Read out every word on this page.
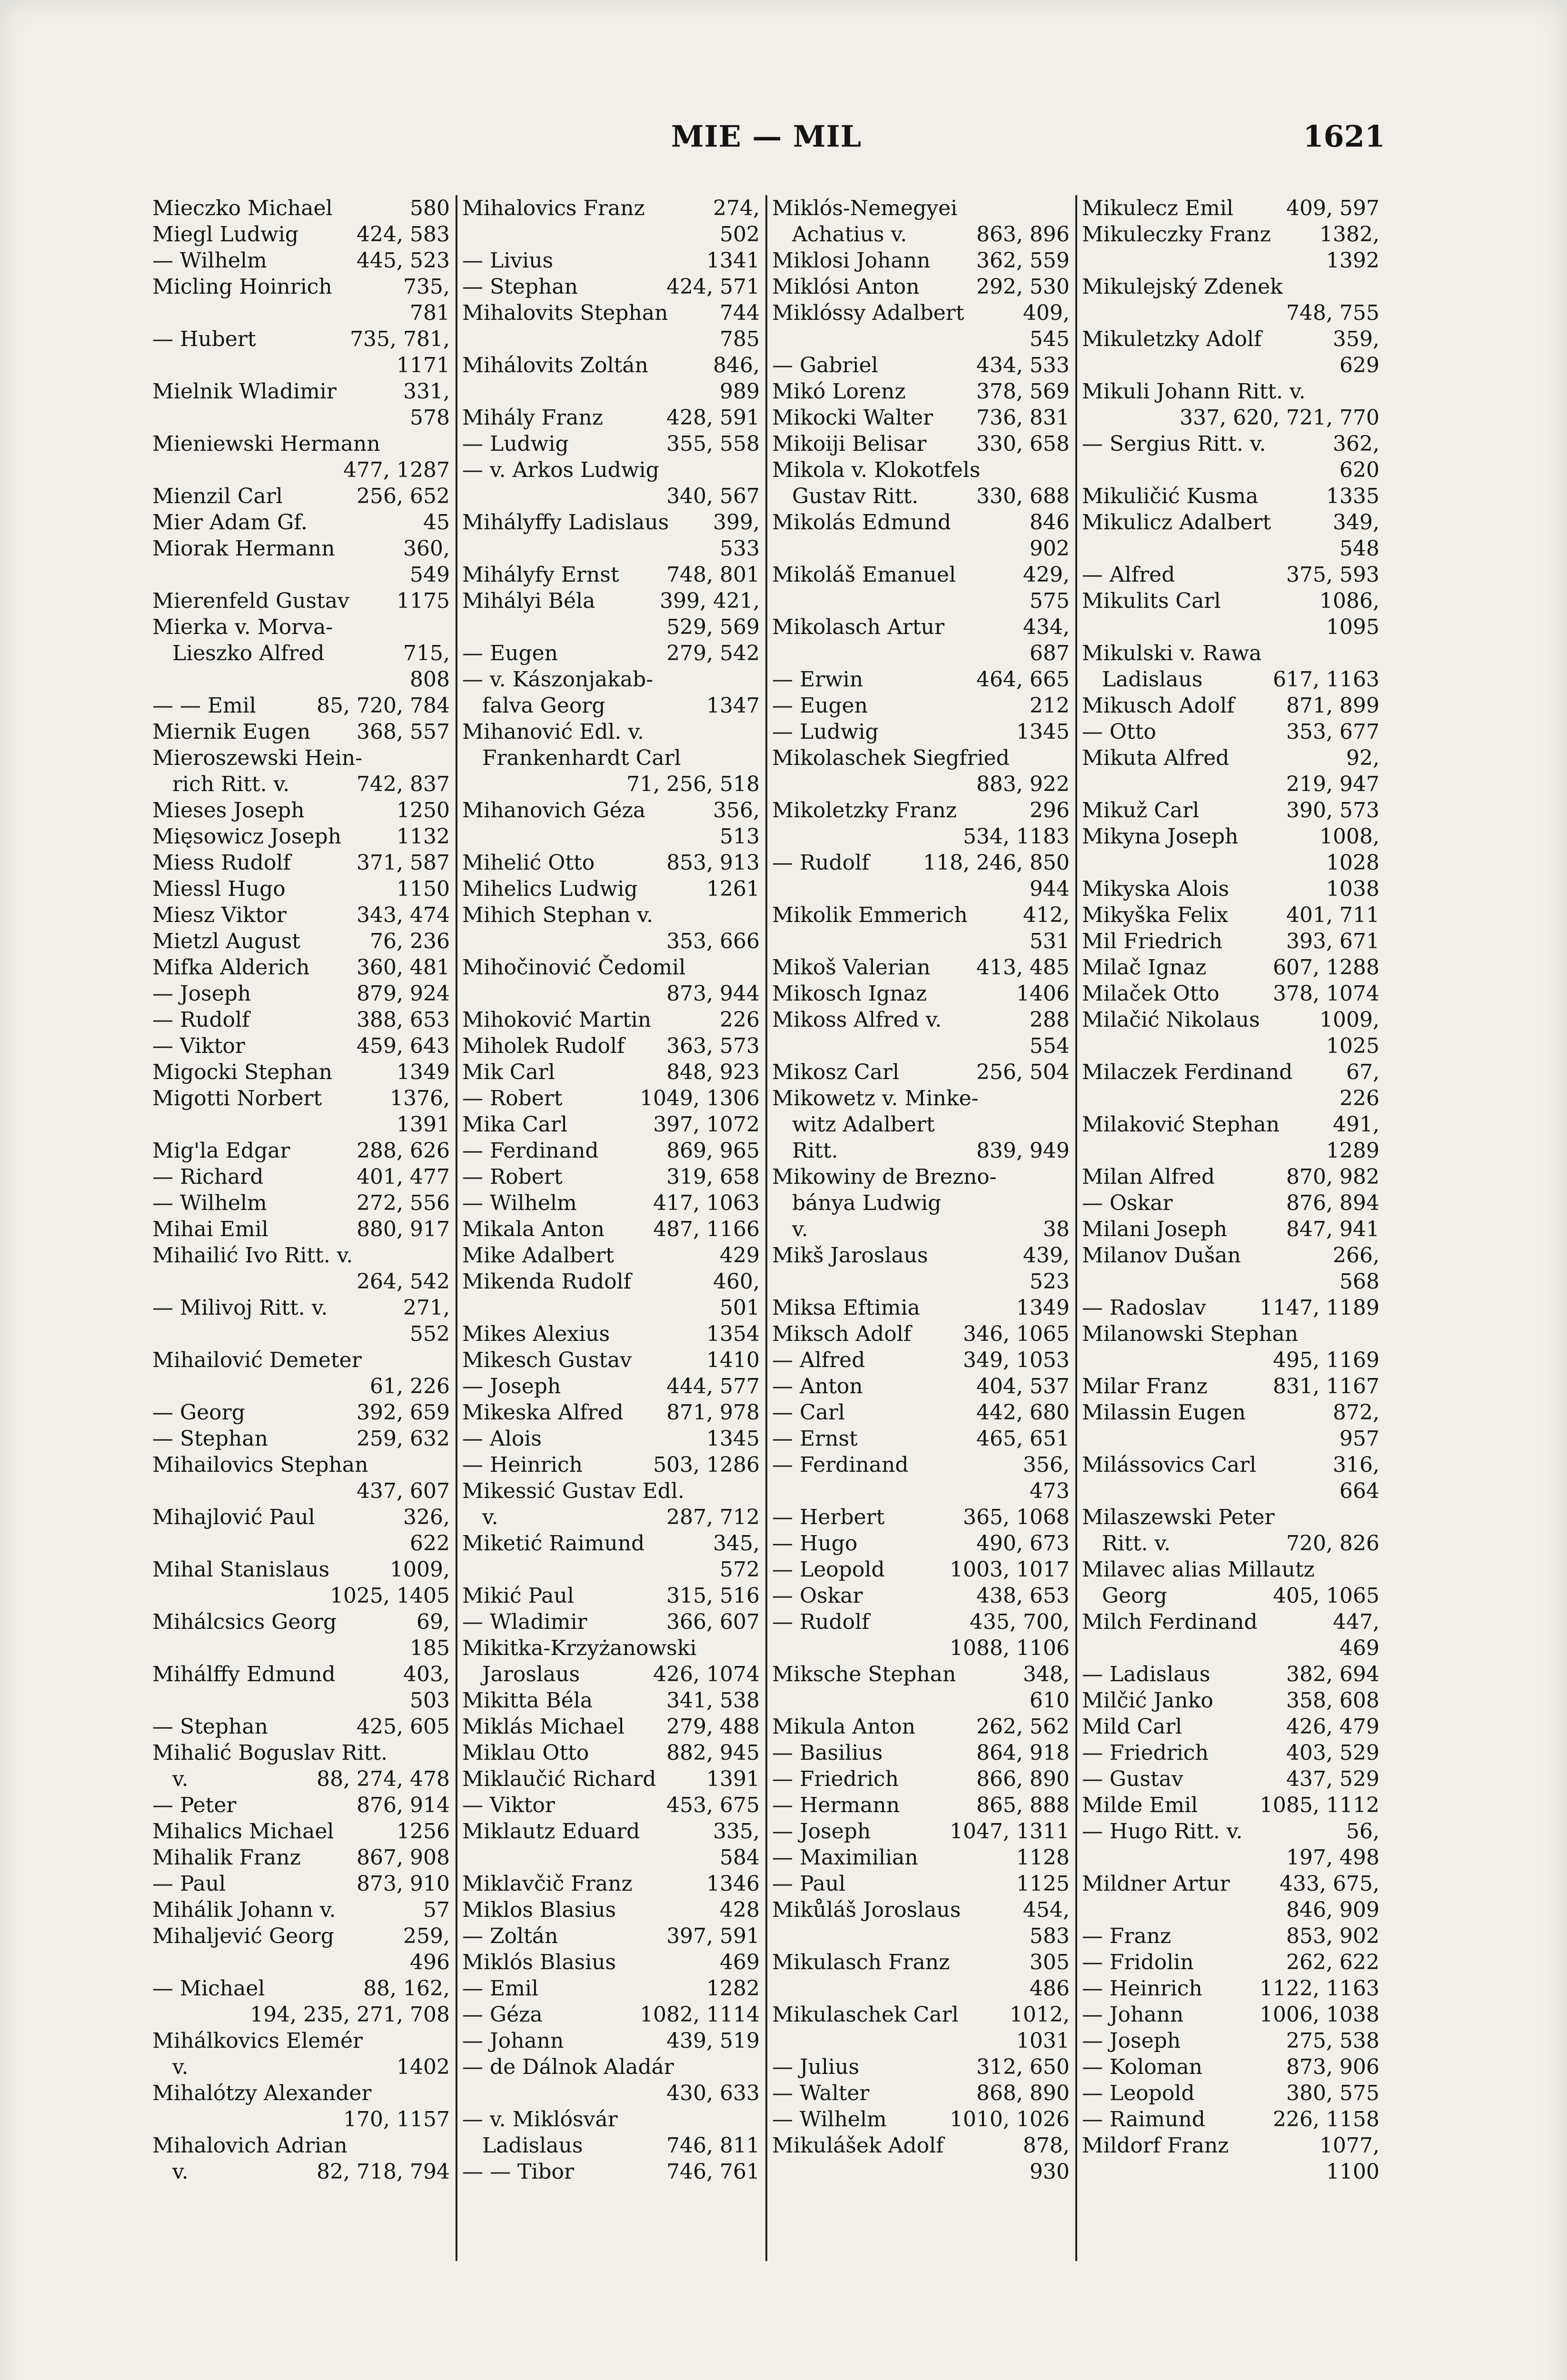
MIE — MIL	1621
Mieczko Michael	580
Miegl Ludwig	424, 583
— Wilhelm	445, 523
Micling Hoinrich	735,
781
— Hubert	735, 781,
1171
Mielnik Wladimir	331,
578
Mieniewski Hermann
477, 1287
Mienzil Carl	256, 652
Mier Adam Gf.	45
Miorak Hermann	360,
549
Mierenfeld Gustav 1175
Mierka v. Morva-
Lieszko Alfred	715,
808
— — Emil	85, 720, 784
Miernik Eugen 368, 557
Mieroszewski Hein-
rich Ritt. v.	742, 837
Mieses Joseph	1250
Mięsowicz Joseph	1132
Miess Rudolf	371, 587
Miessl Hugo	1150
Miesz Viktor	343, 474
Mietzl August	76, 236
Mifka Alderich 360, 481
— Joseph	879, 924
— Rudolf	388, 653
— Viktor	459, 643
Migocki Stephan	1349
Migotti Norbert	1376,
1391
Mig'la Edgar	288, 626
— Richard	401, 477
— Wilhelm	272, 556
Mihai Emil	880, 917
Mihailić Ivo Ritt. v.
264, 542
— Milivoj Ritt. v.	271,
552
Mihailović Demeter
61, 226
— Georg	392, 659
— Stephan	259, 632
Mihailovics Stephan
437, 607
Mihajlović Paul	326,
622
Mihal Stanislaus	1009,
1025, 1405
Mihálcsics Georg	69,
185
Mihálffy Edmund	403,
503
— Stephan	425, 605
Mihalić Boguslav Ritt.
v.	88, 274, 478
— Peter	876, 914
Mihalics Michael	1256
Mihalik Franz	867, 908
— Paul	873, 910
Mihálik Johann v.	57
Mihaljević Georg	259,
496
— Michael	88, 162,
194, 235, 271, 708
Mihálkovics Elemér
v.	1402
Mihalótzy Alexander
170, 1157
Mihalovich Adrian
v.	82, 718, 794
Mihalovics Franz	274,
502
— Livius	1341
— Stephan	424, 571
Mihalovits Stephan 744
785
Mihálovits Zoltán	846,
989
Mihály Franz	428, 591
— Ludwig	355, 558
— v. Arkos Ludwig
340, 567
Mihályffy Ladislaus 399,
533
Mihályfy Ernst 748, 801
Mihályi Béla	399, 421,
529, 569
— Eugen	279, 542
— v. Kászonjakab-
falva Georg	1347
Mihanović Edl. v.
Frankenhardt Carl
71, 256, 518
Mihanovich Géza	356,
513
Mihelić Otto	853, 913
Mihelics Ludwig	1261
Mihich Stephan v.
353, 666
Mihočinović Čedomil
873, 944
Mihoković Martin	226
Miholek Rudolf 363, 573
Mik Carl	848, 923
— Robert	1049, 1306
Mika Carl	397, 1072
— Ferdinand	869, 965
— Robert	319, 658
— Wilhelm	417, 1063
Mikala Anton 487, 1166
Mike Adalbert	429
Mikenda Rudolf	460,
501
Mikes Alexius	1354
Mikesch Gustav	1410
— Joseph	444, 577
Mikeska Alfred 871, 978
— Alois	1345
— Heinrich	503, 1286
Mikessić Gustav Edl.
v.	287, 712
Miketić Raimund	345,
572
Mikić Paul	315, 516
— Wladimir	366, 607
Mikitka-Krzyżanowski
Jaroslaus	426, 1074
Mikitta Béla	341, 538
Miklás Michael 279, 488
Miklau Otto	882, 945
Miklaučić Richard 1391
— Viktor	453, 675
Miklautz Eduard	335,
584
Miklavčič Franz	1346
Miklos Blasius	428
— Zoltán	397, 591
Miklós Blasius	469
— Emil	1282
— Géza	1082, 1114
— Johann	439, 519
— de Dálnok Aladár
430, 633
— v. Miklósvár
Ladislaus	746, 811
— — Tibor	746, 761
Miklós-Nemegyei
Achatius v.	863, 896
Miklosi Johann 362, 559
Miklósi Anton	292, 530
Miklóssy Adalbert	409,
545
— Gabriel	434, 533
Mikó Lorenz	378, 569
Mikocki Walter 736, 831
Mikoiji Belisar 330, 658
Mikola v. Klokotfels
Gustav Ritt.	330, 688
Mikolás Edmund	846
902
Mikoláš Emanuel	429,
575
Mikolasch Artur	434,
687
— Erwin	464, 665
— Eugen	212
— Ludwig	1345
Mikolaschek Siegfried
883, 922
Mikoletzky Franz	296
534, 1183
— Rudolf	118, 246, 850
944
Mikolik Emmerich	412,
531
Mikoš Valerian 413, 485
Mikosch Ignaz	1406
Mikoss Alfred v.	288
554
Mikosz Carl	256, 504
Mikowetz v. Minke-
witz Adalbert
Ritt.	839, 949
Mikowiny de Brezno-
bánya Ludwig
v.	38
Mikš Jaroslaus	439,
523
Miksa Eftimia	1349
Miksch Adolf 346, 1065
— Alfred	349, 1053
— Anton	404, 537
— Carl	442, 680
— Ernst	465, 651
— Ferdinand	356,
473
— Herbert	365, 1068
— Hugo	490, 673
— Leopold	1003, 1017
— Oskar	438, 653
— Rudolf	435, 700,
1088, 1106
Miksche Stephan	348,
610
Mikula Anton	262, 562
— Basilius	864, 918
— Friedrich	866, 890
— Hermann	865, 888
— Joseph	1047, 1311
— Maximilian	1128
— Paul	1125
Mikůláš Joroslaus	454,
583
Mikulasch Franz	305
486
Mikulaschek Carl 1012,
1031
— Julius	312, 650
— Walter	868, 890
— Wilhelm	1010, 1026
Mikulášek Adolf	878,
930
Mikulecz Emil	409, 597
Mikuleczky Franz 1382,
1392
Mikulejský Zdenek
748, 755
Mikuletzky Adolf	359,
629
Mikuli Johann Ritt. v.
337, 620, 721, 770
— Sergius Ritt. v.	362,
620
Mikuličić Kusma	1335
Mikulicz Adalbert	349,
548
— Alfred	375, 593
Mikulits Carl	1086,
1095
Mikulski v. Rawa
Ladislaus	617, 1163
Mikusch Adolf 871, 899
— Otto	353, 677
Mikuta Alfred	92,
219, 947
Mikuž Carl	390, 573
Mikyna Joseph	1008,
1028
Mikyska Alois	1038
Mikyška Felix	401, 711
Mil Friedrich	393, 671
Milač Ignaz	607, 1288
Milaček Otto	378, 1074
Milačić Nikolaus	1009,
1025
Milaczek Ferdinand	67,
226
Milaković Stephan	491,
1289
Milan Alfred	870, 982
— Oskar	876, 894
Milani Joseph	847, 941
Milanov Dušan	266,
568
— Radoslav	1147, 1189
Milanowski Stephan
495, 1169
Milar Franz	831, 1167
Milassin Eugen	872,
957
Milássovics Carl	316,
664
Milaszewski Peter
Ritt. v.	720, 826
Milavec alias Millautz
Georg	405, 1065
Milch Ferdinand	447,
469
— Ladislaus	382, 694
Milčić Janko	358, 608
Mild Carl	426, 479
— Friedrich	403, 529
— Gustav	437, 529
Milde Emil	1085, 1112
— Hugo Ritt. v.	56,
197, 498
Mildner Artur 433, 675,
846, 909
— Franz	853, 902
— Fridolin	262, 622
— Heinrich	1122, 1163
— Johann	1006, 1038
— Joseph	275, 538
— Koloman	873, 906
— Leopold	380, 575
— Raimund	226, 1158
Mildorf Franz	1077,
1100
